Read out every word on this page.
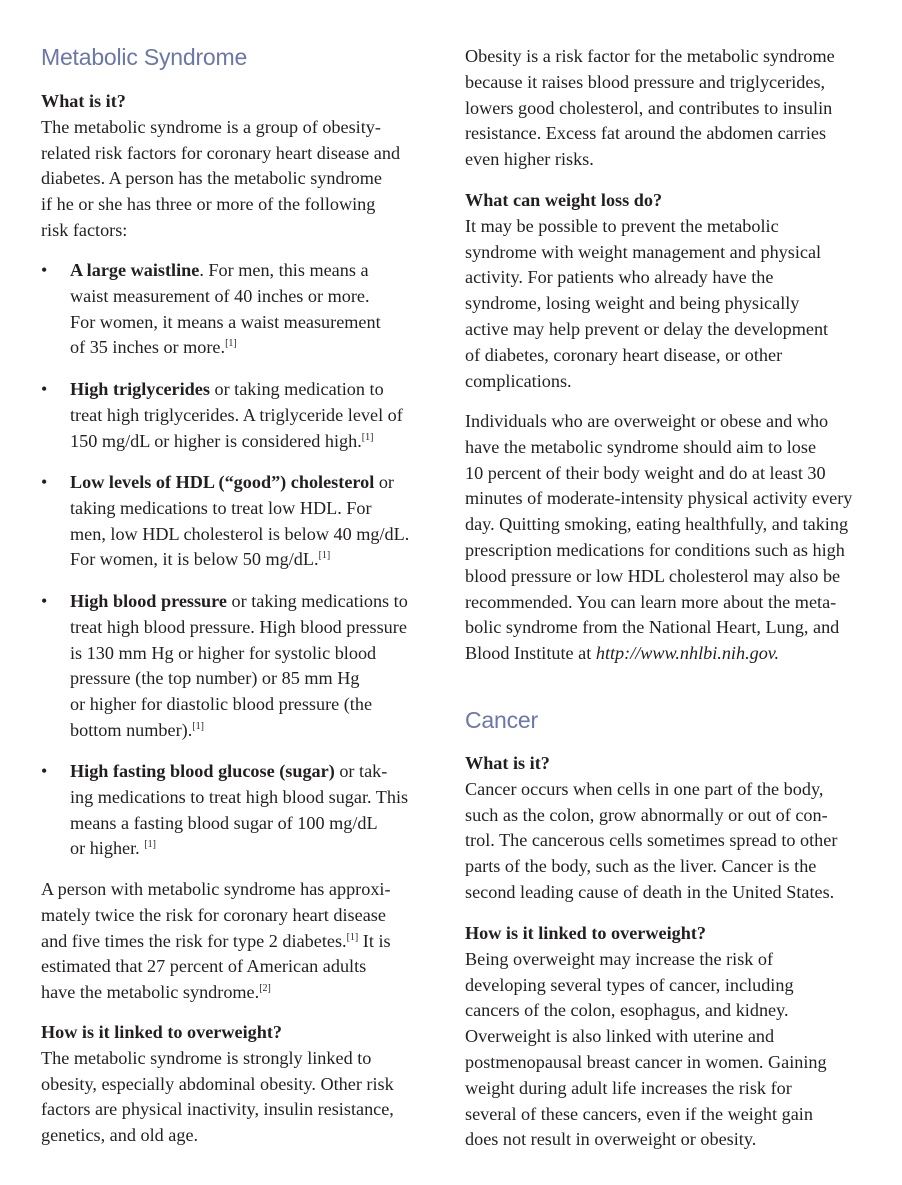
Metabolic Syndrome
What is it?
The metabolic syndrome is a group of obesity-
related risk factors for coronary heart disease and
diabetes. A person has the metabolic syndrome
if he or she has three or more of the following
risk factors:
• A large waistline. For men, this means a
waist measurement of 40 inches or more.
For women, it means a waist measurement
of 35 inches or more.[1]
• High triglycerides or taking medication to
treat high triglycerides. A triglyceride level of
150 mg/dL or higher is considered high.[1]
• Low levels of HDL (“good”) cholesterol or
taking medications to treat low HDL. For
men, low HDL cholesterol is below 40 mg/dL.
For women, it is below 50 mg/dL.[1]
• High blood pressure or taking medications to
treat high blood pressure. High blood pressure
is 130 mm Hg or higher for systolic blood
pressure (the top number) or 85 mm Hg
or higher for diastolic blood pressure (the
bottom number).[1]
• High fasting blood glucose (sugar) or tak-
ing medications to treat high blood sugar. This
means a fasting blood sugar of 100 mg/dL
or higher. [1]
A person with metabolic syndrome has approxi-
mately twice the risk for coronary heart disease
and five times the risk for type 2 diabetes.[1] It is
estimated that 27 percent of American adults
have the metabolic syndrome.[2]
How is it linked to overweight?
The metabolic syndrome is strongly linked to
obesity, especially abdominal obesity. Other risk
factors are physical inactivity, insulin resistance,
genetics, and old age.
Obesity is a risk factor for the metabolic syndrome
because it raises blood pressure and triglycerides,
lowers good cholesterol, and contributes to insulin
resistance. Excess fat around the abdomen carries
even higher risks.
What can weight loss do?
It may be possible to prevent the metabolic
syndrome with weight management and physical
activity. For patients who already have the
syndrome, losing weight and being physically
active may help prevent or delay the development
of diabetes, coronary heart disease, or other
complications.
Individuals who are overweight or obese and who
have the metabolic syndrome should aim to lose
10 percent of their body weight and do at least 30
minutes of moderate-intensity physical activity every
day. Quitting smoking, eating healthfully, and taking
prescription medications for conditions such as high
blood pressure or low HDL cholesterol may also be
recommended. You can learn more about the meta-
bolic syndrome from the National Heart, Lung, and
Blood Institute at http://www.nhlbi.nih.gov.
Cancer
What is it?
Cancer occurs when cells in one part of the body,
such as the colon, grow abnormally or out of con-
trol. The cancerous cells sometimes spread to other
parts of the body, such as the liver. Cancer is the
second leading cause of death in the United States.
How is it linked to overweight?
Being overweight may increase the risk of
developing several types of cancer, including
cancers of the colon, esophagus, and kidney.
Overweight is also linked with uterine and
postmenopausal breast cancer in women. Gaining
weight during adult life increases the risk for
several of these cancers, even if the weight gain
does not result in overweight or obesity.
